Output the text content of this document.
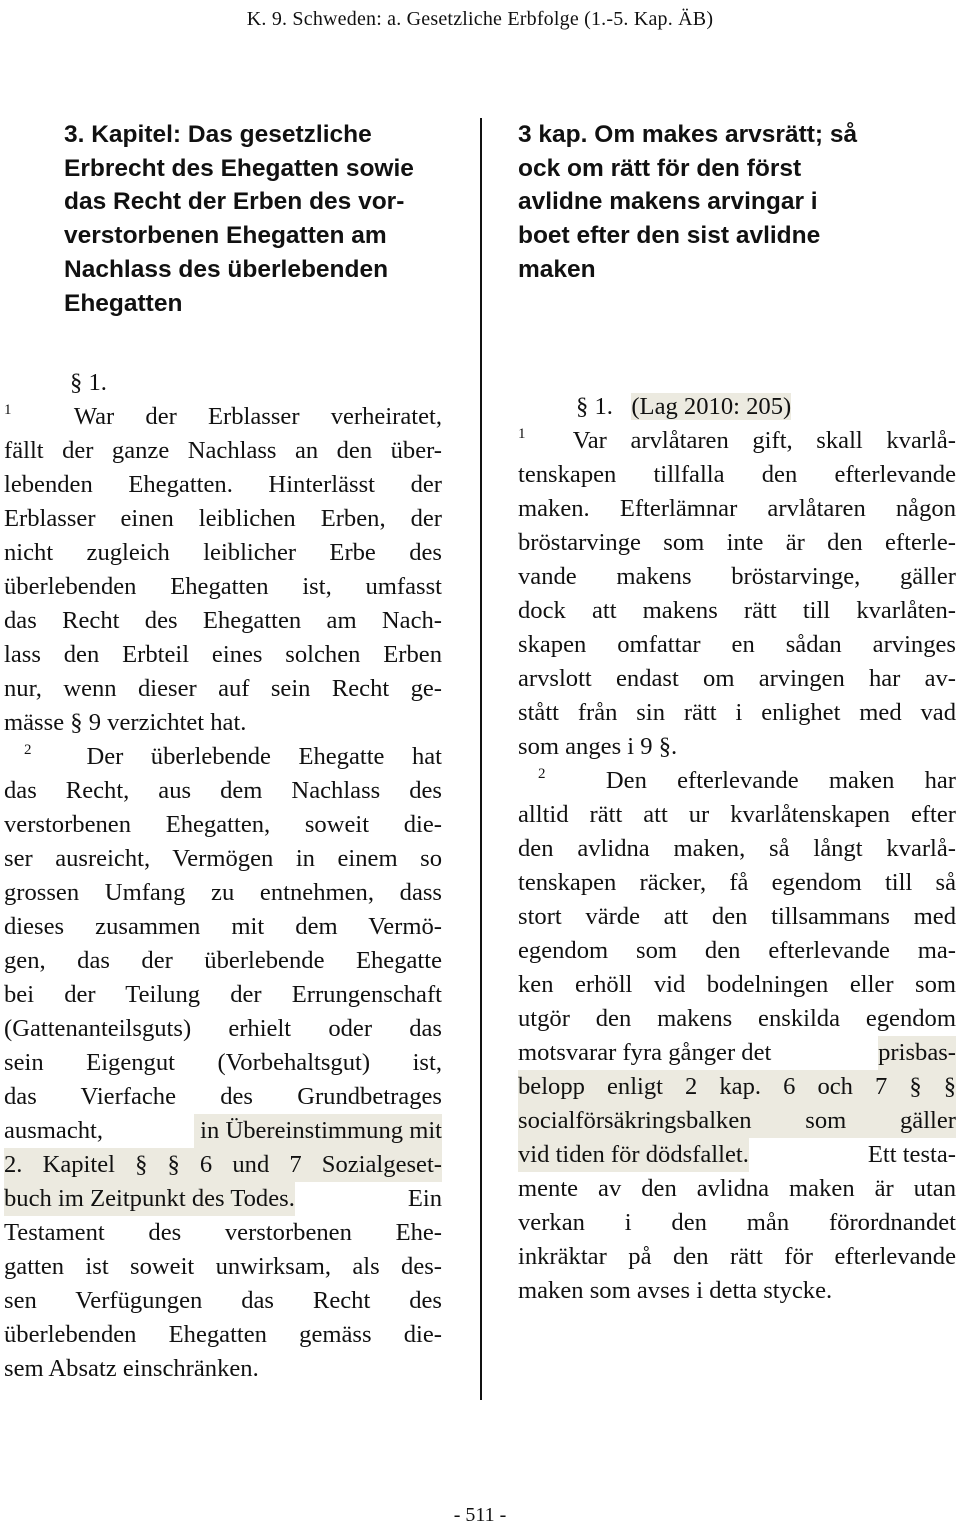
K. 9. Schweden: a. Gesetzliche Erbfolge (1.-5. Kap. ÄB)
3. Kapitel: Das gesetzliche
Erbrecht des Ehegatten sowie
das Recht der Erben des vor-
verstorbenen Ehegatten am
Nachlass des überlebenden
Ehegatten
§ 1.
$^1$	War der Erblasser verheiratet,
fällt der ganze Nachlass an den über-
lebenden Ehegatten. Hinterlässt der
Erblasser einen leiblichen Erben, der
nicht zugleich leiblicher Erbe des
überlebenden Ehegatten ist, umfasst
das Recht des Ehegatten am Nach-
lass den Erbteil eines solchen Erben
nur, wenn dieser auf sein Recht ge-
mässe § 9 verzichtet hat.
$^2$ Der überlebende Ehegatte hat
das Recht, aus dem Nachlass des
verstorbenen Ehegatten, soweit die-
ser ausreicht, Vermögen in einem so
grossen Umfang zu entnehmen, dass
dieses zusammen mit dem Vermö-
gen, das der überlebende Ehegatte
bei der Teilung der Errungenschaft
(Gattenanteilsguts) erhielt oder das
sein Eigengut (Vorbehaltsgut) ist,
das Vierfache des Grundbetrages
ausmacht,	in Übereinstimmung mit
2. Kapitel § § 6 und 7 Sozialgeset-
buch im Zeitpunkt des Todes.	Ein
Testament des verstorbenen Ehe-
gatten ist soweit unwirksam, als des-
sen Verfügungen das Recht des
überlebenden Ehegatten gemäss die-
sem Absatz einschränken.
3 kap. Om makes arvsrätt; så
ock om rätt för den först
avlidne makens arvingar i
boet efter den sist avlidne
maken
§ 1. (Lag 2010: 205)
$^1$ Var arvlåtaren gift, skall kvarlå-
tenskapen tillfalla den efterlevande
maken. Efterlämnar arvlåtaren någon
bröstarvinge som inte är den efterle-
vande makens bröstarvinge, gäller
dock att makens rätt till kvarlåten-
skapen omfattar en sådan arvinges
arvslott endast om arvingen har av-
stått från sin rätt i enlighet med vad
som anges i 9 §.
$^2$ Den efterlevande maken har
alltid rätt att ur kvarlåtenskapen efter
den avlidna maken, så långt kvarlå-
tenskapen räcker, få egendom till så
stort värde att den tillsammans med
egendom som den efterlevande ma-
ken erhöll vid bodelningen eller som
utgör den makens enskilda egendom
motsvarar fyra gånger det	prisbas-
belopp enligt 2 kap. 6 och 7 § §
socialförsäkringsbalken som gäller
vid tiden för dödsfallet.	Ett testa-
mente av den avlidna maken är utan
verkan i den mån förordnandet
inkräktar på den rätt för efterlevande
maken som avses i detta stycke.
- 511 -
